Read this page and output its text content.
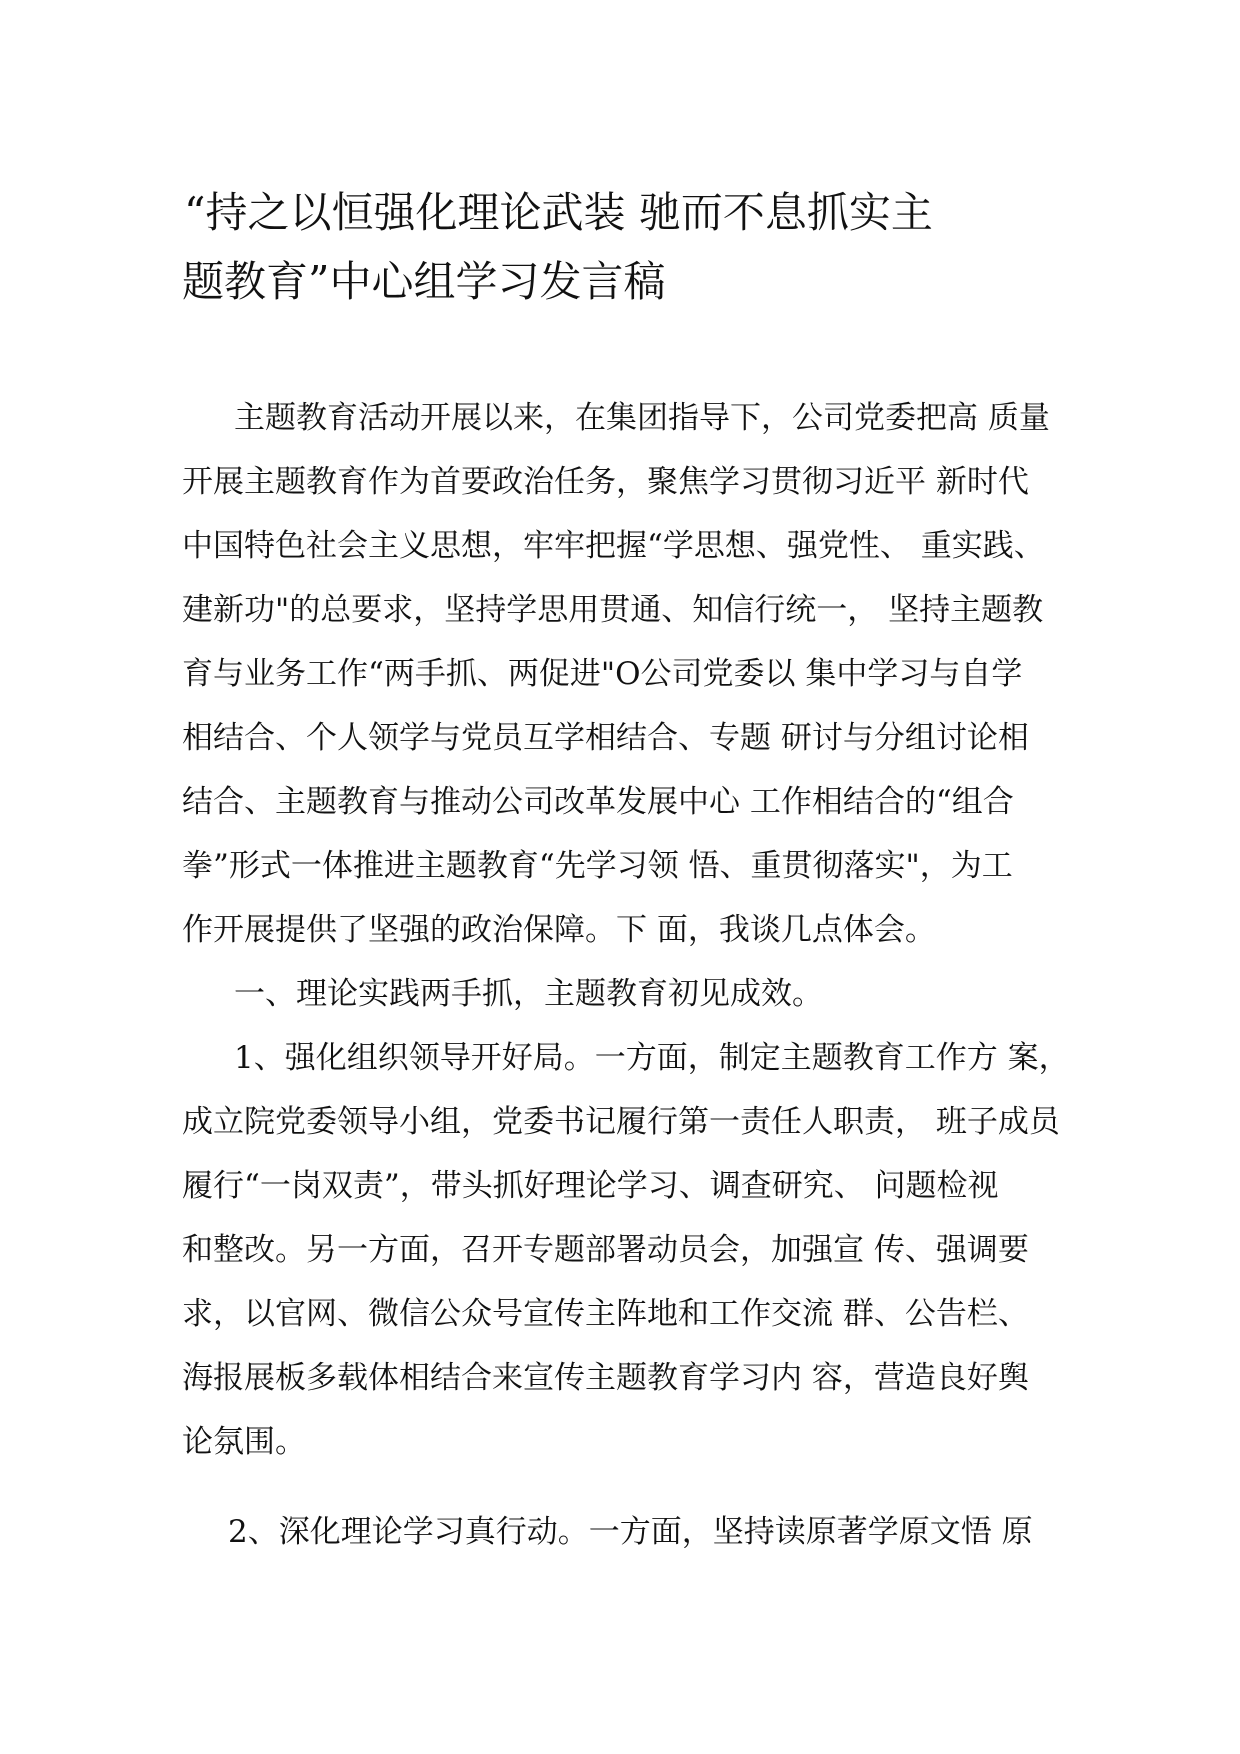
“持之以恒强化理论武装 驰而不息抓实主
题教育”中心组学习发言稿
主题教育活动开展以来，在集团指导下，公司党委把高 质量
开展主题教育作为首要政治任务，聚焦学习贯彻习近平 新时代
中国特色社会主义思想，牢牢把握“学思想、强党性、 重实践、
建新功"的总要求，坚持学思用贯通、知信行统一， 坚持主题教
育与业务工作“两手抓、两促进"O公司党委以 集中学习与自学
相结合、个人领学与党员互学相结合、专题 研讨与分组讨论相
结合、主题教育与推动公司改革发展中心 工作相结合的“组合
拳”形式一体推进主题教育“先学习领 悟、重贯彻落实"，为工
作开展提供了坚强的政治保障。下 面，我谈几点体会。
一、理论实践两手抓，主题教育初见成效。
1、强化组织领导开好局。一方面，制定主题教育工作方 案，
成立院党委领导小组，党委书记履行第一责任人职责， 班子成员
履行“一岗双责”，带头抓好理论学习、调查研究、 问题检视
和整改。另一方面，召开专题部署动员会，加强宣 传、强调要
求，以官网、微信公众号宣传主阵地和工作交流 群、公告栏、
海报展板多载体相结合来宣传主题教育学习内 容，营造良好舆
论氛围。
2、深化理论学习真行动。一方面，坚持读原著学原文悟 原
